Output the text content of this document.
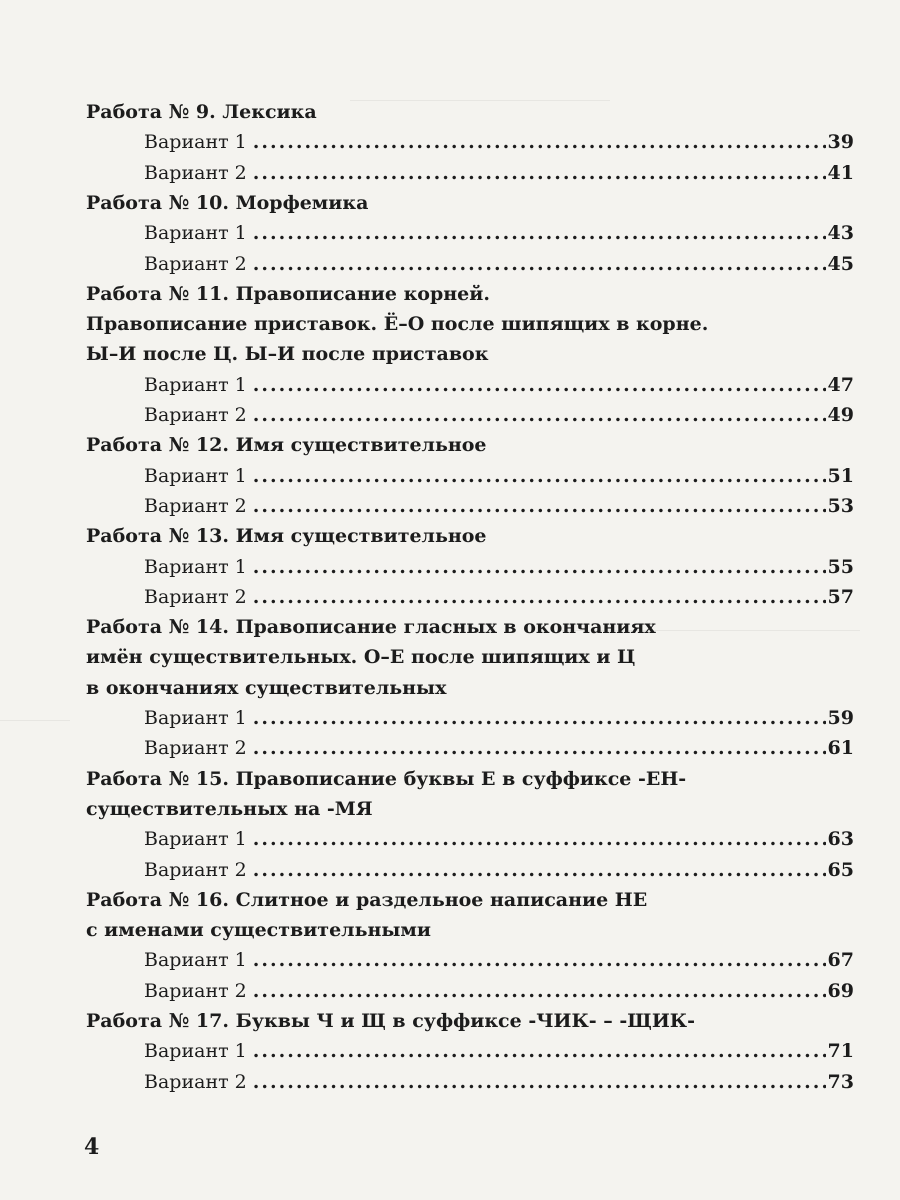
Работа № 9. Лексика
Вариант 1 .....	39
Вариант 2 .....	41
Работа № 10. Морфемика
Вариант 1 .....	43
Вариант 2 .....	45
Работа № 11. Правописание корней.
Правописание приставок. Ё–О после шипящих в корне.
Ы–И после Ц. Ы–И после приставок
Вариант 1 .....	47
Вариант 2 .....	49
Работа № 12. Имя существительное
Вариант 1 .....	51
Вариант 2 .....	53
Работа № 13. Имя существительное
Вариант 1 .....	55
Вариант 2 .....	57
Работа № 14. Правописание гласных в окончаниях
имён существительных. О–Е после шипящих и Ц
в окончаниях существительных
Вариант 1 .....	59
Вариант 2 .....	61
Работа № 15. Правописание буквы Е в суффиксе -ЕН-
существительных на -МЯ
Вариант 1 .....	63
Вариант 2 .....	65
Работа № 16. Слитное и раздельное написание НЕ
с именами существительными
Вариант 1 .....	67
Вариант 2 .....	69
Работа № 17. Буквы Ч и Щ в суффиксе -ЧИК- – -ЩИК-
Вариант 1 .....	71
Вариант 2 .....	73
4
